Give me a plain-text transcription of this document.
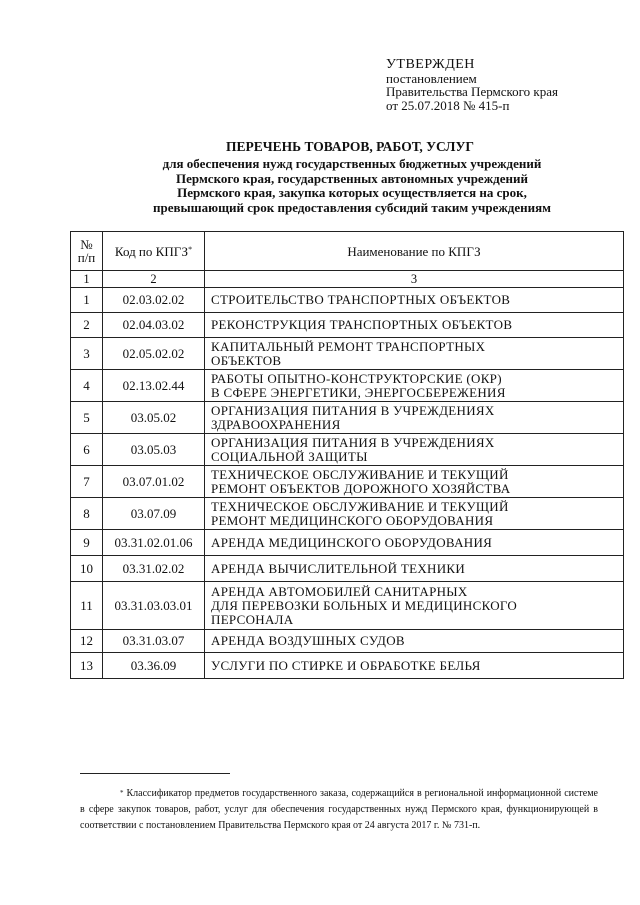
УТВЕРЖДЕН
постановлением
Правительства Пермского края
от 25.07.2018 № 415-п
ПЕРЕЧЕНЬ ТОВАРОВ, РАБОТ, УСЛУГ
для обеспечения нужд государственных бюджетных учреждений
Пермского края, государственных автономных учреждений
Пермского края, закупка которых осуществляется на срок,
превышающий срок предоставления субсидий таким учреждениям
№
п/п	Код по КПГЗ*	Наименование по КПГЗ
1	2	3
1	02.03.02.02	СТРОИТЕЛЬСТВО ТРАНСПОРТНЫХ ОБЪЕКТОВ

2	02.04.03.02	РЕКОНСТРУКЦИЯ ТРАНСПОРТНЫХ ОБЪЕКТОВ

3	02.05.02.02	КАПИТАЛЬНЫЙ РЕМОНТ ТРАНСПОРТНЫХ
ОБЪЕКТОВ

4	02.13.02.44	РАБОТЫ ОПЫТНО-КОНСТРУКТОРСКИЕ (ОКР)
В СФЕРЕ ЭНЕРГЕТИКИ, ЭНЕРГОСБЕРЕЖЕНИЯ

5	03.05.02	ОРГАНИЗАЦИЯ ПИТАНИЯ В УЧРЕЖДЕНИЯХ
ЗДРАВООХРАНЕНИЯ

6	03.05.03	ОРГАНИЗАЦИЯ ПИТАНИЯ В УЧРЕЖДЕНИЯХ
СОЦИАЛЬНОЙ ЗАЩИТЫ

7	03.07.01.02	ТЕХНИЧЕСКОЕ ОБСЛУЖИВАНИЕ И ТЕКУЩИЙ
РЕМОНТ ОБЪЕКТОВ ДОРОЖНОГО ХОЗЯЙСТВА

8	03.07.09	ТЕХНИЧЕСКОЕ ОБСЛУЖИВАНИЕ И ТЕКУЩИЙ
РЕМОНТ МЕДИЦИНСКОГО ОБОРУДОВАНИЯ

9	03.31.02.01.06	АРЕНДА МЕДИЦИНСКОГО ОБОРУДОВАНИЯ

10	03.31.02.02	АРЕНДА ВЫЧИСЛИТЕЛЬНОЙ ТЕХНИКИ

11	03.31.03.03.01	АРЕНДА АВТОМОБИЛЕЙ САНИТАРНЫХ
ДЛЯ ПЕРЕВОЗКИ БОЛЬНЫХ И МЕДИЦИНСКОГО
ПЕРСОНАЛА

12	03.31.03.07	АРЕНДА ВОЗДУШНЫХ СУДОВ

13	03.36.09	УСЛУГИ ПО СТИРКЕ И ОБРАБОТКЕ БЕЛЬЯ
* Классификатор предметов государственного заказа, содержащийся в региональной информационной системе в сфере закупок товаров, работ, услуг для обеспечения государственных нужд Пермского края, функционирующей в соответствии с постановлением Правительства Пермского края от 24 августа 2017 г. № 731-п.
